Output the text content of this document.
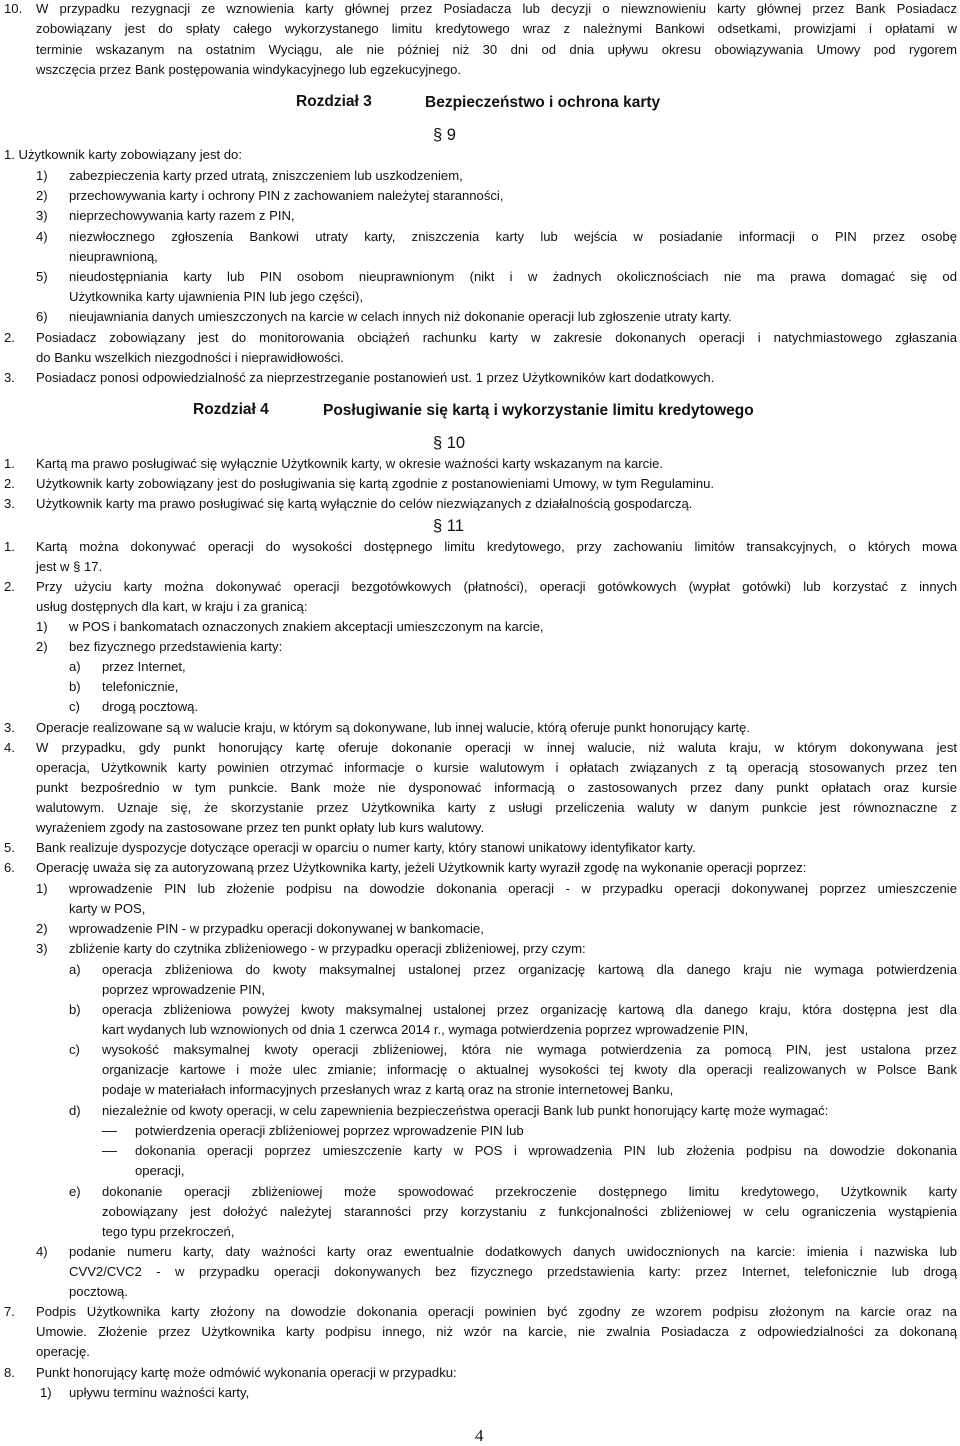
10. W przypadku rezygnacji ze wznowienia karty głównej przez Posiadacza lub decyzji o niewznowieniu karty głównej przez Bank Posiadacz
zobowiązany jest do spłaty całego wykorzystanego limitu kredytowego wraz z należnymi Bankowi odsetkami, prowizjami i opłatami w
terminie wskazanym na ostatnim Wyciągu, ale nie później niż 30 dni od dnia upływu okresu obowiązywania Umowy pod rygorem
wszczęcia przez Bank postępowania windykacyjnego lub egzekucyjnego.
Rozdział 3	Bezpieczeństwo i ochrona karty
§ 9
1. Użytkownik karty zobowiązany jest do:
1) zabezpieczenia karty przed utratą, zniszczeniem lub uszkodzeniem,
2) przechowywania karty i ochrony PIN z zachowaniem należytej staranności,
3) nieprzechowywania karty razem z PIN,
4) niezwłocznego zgłoszenia Bankowi utraty karty, zniszczenia karty lub wejścia w posiadanie informacji o PIN przez osobę
nieuprawnioną,
5) nieudostępniania karty lub PIN osobom nieuprawnionym (nikt i w żadnych okolicznościach nie ma prawa domagać się od
Użytkownika karty ujawnienia PIN lub jego części),
6) nieujawniania danych umieszczonych na karcie w celach innych niż dokonanie operacji lub zgłoszenie utraty karty.
2. Posiadacz zobowiązany jest do monitorowania obciążeń rachunku karty w zakresie dokonanych operacji i natychmiastowego zgłaszania
do Banku wszelkich niezgodności i nieprawidłowości.
3. Posiadacz ponosi odpowiedzialność za nieprzestrzeganie postanowień ust. 1 przez Użytkowników kart dodatkowych.
Rozdział 4	Posługiwanie się kartą i wykorzystanie limitu kredytowego
§ 10
1. Kartą ma prawo posługiwać się wyłącznie Użytkownik karty, w okresie ważności karty wskazanym na karcie.
2. Użytkownik karty zobowiązany jest do posługiwania się kartą zgodnie z postanowieniami Umowy, w tym Regulaminu.
3. Użytkownik karty ma prawo posługiwać się kartą wyłącznie do celów niezwiązanych z działalnością gospodarczą.
§ 11
1. Kartą można dokonywać operacji do wysokości dostępnego limitu kredytowego, przy zachowaniu limitów transakcyjnych, o których mowa
jest w § 17.
2. Przy użyciu karty można dokonywać operacji bezgotówkowych (płatności), operacji gotówkowych (wypłat gotówki) lub korzystać z innych
usług dostępnych dla kart, w kraju i za granicą:
1) w POS i bankomatach oznaczonych znakiem akceptacji umieszczonym na karcie,
2) bez fizycznego przedstawienia karty:
a) przez Internet,
b) telefonicznie,
c) drogą pocztową.
3. Operacje realizowane są w walucie kraju, w którym są dokonywane, lub innej walucie, którą oferuje punkt honorujący kartę.
4. W przypadku, gdy punkt honorujący kartę oferuje dokonanie operacji w innej walucie, niż waluta kraju, w którym dokonywana jest
operacja, Użytkownik karty powinien otrzymać informacje o kursie walutowym i opłatach związanych z tą operacją stosowanych przez ten
punkt bezpośrednio w tym punkcie. Bank może nie dysponować informacją o zastosowanych przez dany punkt opłatach oraz kursie
walutowym. Uznaje się, że skorzystanie przez Użytkownika karty z usługi przeliczenia waluty w danym punkcie jest równoznaczne z
wyrażeniem zgody na zastosowane przez ten punkt opłaty lub kurs walutowy.
5. Bank realizuje dyspozycje dotyczące operacji w oparciu o numer karty, który stanowi unikatowy identyfikator karty.
6. Operację uważa się za autoryzowaną przez Użytkownika karty, jeżeli Użytkownik karty wyraził zgodę na wykonanie operacji poprzez:
1) wprowadzenie PIN lub złożenie podpisu na dowodzie dokonania operacji - w przypadku operacji dokonywanej poprzez umieszczenie
karty w POS,
2) wprowadzenie PIN - w przypadku operacji dokonywanej w bankomacie,
3) zbliżenie karty do czytnika zbliżeniowego - w przypadku operacji zbliżeniowej, przy czym:
a) operacja zbliżeniowa do kwoty maksymalnej ustalonej przez organizację kartową dla danego kraju nie wymaga potwierdzenia
poprzez wprowadzenie PIN,
b) operacja zbliżeniowa powyżej kwoty maksymalnej ustalonej przez organizację kartową dla danego kraju, która dostępna jest dla
kart wydanych lub wznowionych od dnia 1 czerwca 2014 r., wymaga potwierdzenia poprzez wprowadzenie PIN,
c) wysokość maksymalnej kwoty operacji zbliżeniowej, która nie wymaga potwierdzenia za pomocą PIN, jest ustalona przez
organizacje kartowe i może ulec zmianie; informację o aktualnej wysokości tej kwoty dla operacji realizowanych w Polsce Bank
podaje w materiałach informacyjnych przesłanych wraz z kartą oraz na stronie internetowej Banku,
d) niezależnie od kwoty operacji, w celu zapewnienia bezpieczeństwa operacji Bank lub punkt honorujący kartę może wymagać:
potwierdzenia operacji zbliżeniowej poprzez wprowadzenie PIN lub
dokonania operacji poprzez umieszczenie karty w POS i wprowadzenia PIN lub złożenia podpisu na dowodzie dokonania
operacji,
e) dokonanie operacji zbliżeniowej może spowodować przekroczenie dostępnego limitu kredytowego, Użytkownik karty
zobowiązany jest dołożyć należytej staranności przy korzystaniu z funkcjonalności zbliżeniowej w celu ograniczenia wystąpienia
tego typu przekroczeń,
4) podanie numeru karty, daty ważności karty oraz ewentualnie dodatkowych danych uwidocznionych na karcie: imienia i nazwiska lub
CVV2/CVC2 - w przypadku operacji dokonywanych bez fizycznego przedstawienia karty: przez Internet, telefonicznie lub drogą
pocztową.
7. Podpis Użytkownika karty złożony na dowodzie dokonania operacji powinien być zgodny ze wzorem podpisu złożonym na karcie oraz na
Umowie. Złożenie przez Użytkownika karty podpisu innego, niż wzór na karcie, nie zwalnia Posiadacza z odpowiedzialności za dokonaną
operację.
8. Punkt honorujący kartę może odmówić wykonania operacji w przypadku:
1) upływu terminu ważności karty,
4
